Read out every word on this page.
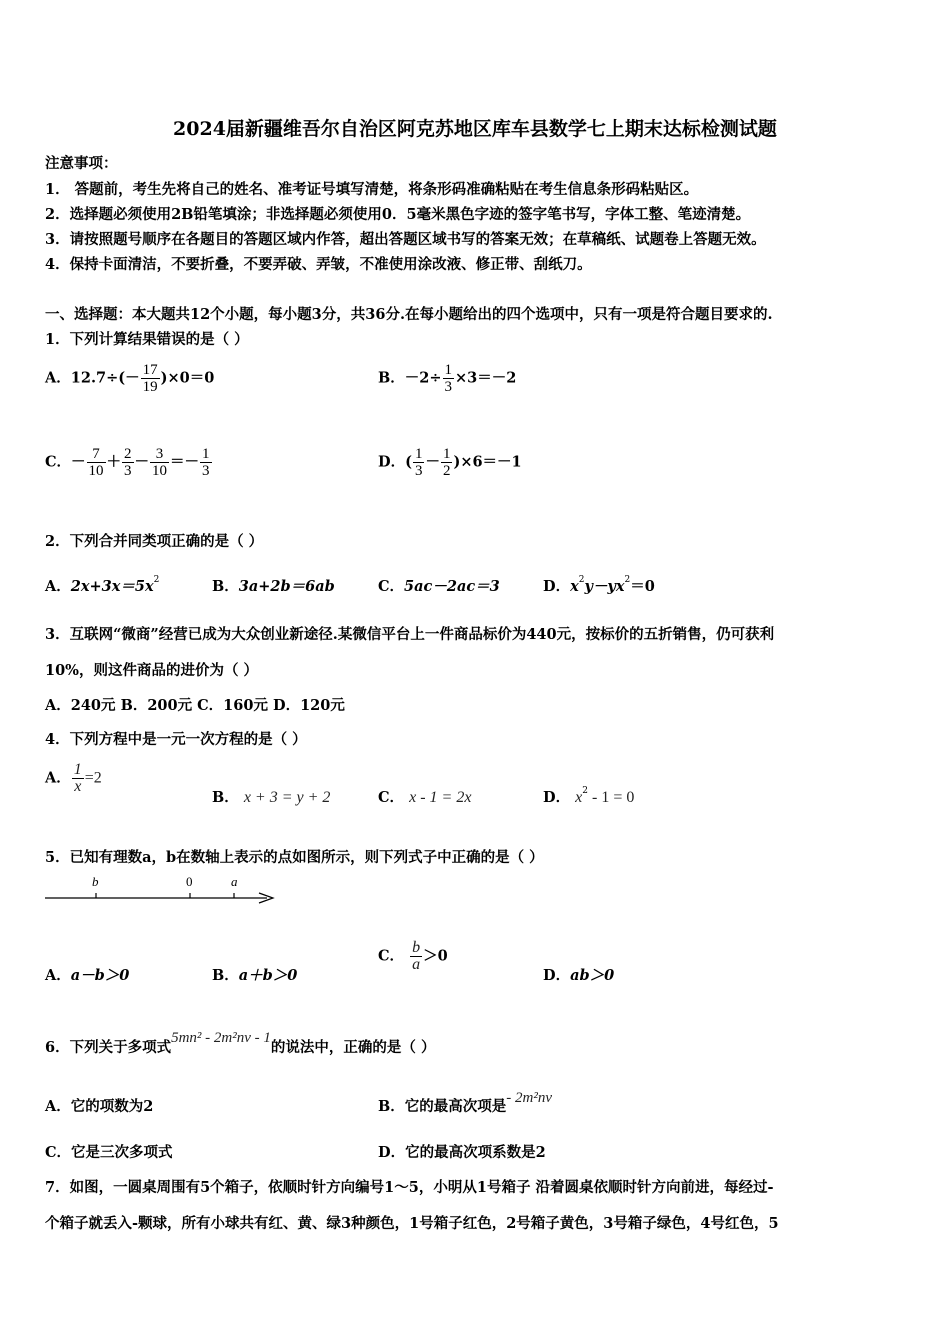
2024届新疆维吾尔自治区阿克苏地区库车县数学七上期末达标检测试题
注意事项：
1． 答题前，考生先将自己的姓名、准考证号填写清楚，将条形码准确粘贴在考生信息条形码粘贴区。
2．选择题必须使用2B铅笔填涂；非选择题必须使用0．5毫米黑色字迹的签字笔书写，字体工整、笔迹清楚。
3．请按照题号顺序在各题目的答题区域内作答，超出答题区域书写的答案无效；在草稿纸、试题卷上答题无效。
4．保持卡面清洁，不要折叠，不要弄破、弄皱，不准使用涂改液、修正带、刮纸刀。
一、选择题：本大题共12个小题，每小题3分，共36分.在每小题给出的四个选项中，只有一项是符合题目要求的.
1．下列计算结果错误的是（ ）
A．$12.7\div(- \frac{17}{19} )\times 0=0$	B．$-2\div \frac{1}{3} \times 3=-2$
C．－ $\frac{7}{10} + \frac{2}{3} - \frac{3}{10} =- \frac{1}{3}$	D．( $\frac{1}{3} - \frac{1}{2} )\times 6=-1$
2．下列合并同类项正确的是（ ）
A．$2x+3x=5x^2$	B．3a+2b＝6ab	C．5ac－2ac＝3	D．$x^2y-yx^2=0$
3．互联网“微商”经营已成为大众创业新途径.某微信平台上一件商品标价为440元，按标价的五折销售，仍可获利
10%，则这件商品的进价为（ ）
A．240元 B．200元 C．160元 D．120元
4．下列方程中是一元一次方程的是（ ）
A． $\frac{1}{x} =2$
B． x + 3 = y + 2	C． x - 1 = 2x	D． $x^2 - 1 = 0$
5．已知有理数a，b在数轴上表示的点如图所示，则下列式子中正确的是（ ）
b	0	a
A．a－b＞0	B．a＋b＞0
C． $\frac{b}{a} >0$
D．ab＞0
6．下列关于多项式5mn² - 2m²nv - 1的说法中，正确的是（ ）
A．它的项数为2	B．它的最高次项是- 2m²nv
C．它是三次多项式	D．它的最高次项系数是2
7．如图，一圆桌周围有5个箱子，依顺时针方向编号1～5，小明从1号箱子 沿着圆桌依顺时针方向前进，每经过-
个箱子就丢入-颗球，所有小球共有红、黄、绿3种颜色，1号箱子红色，2号箱子黄色，3号箱子绿色，4号红色，5
